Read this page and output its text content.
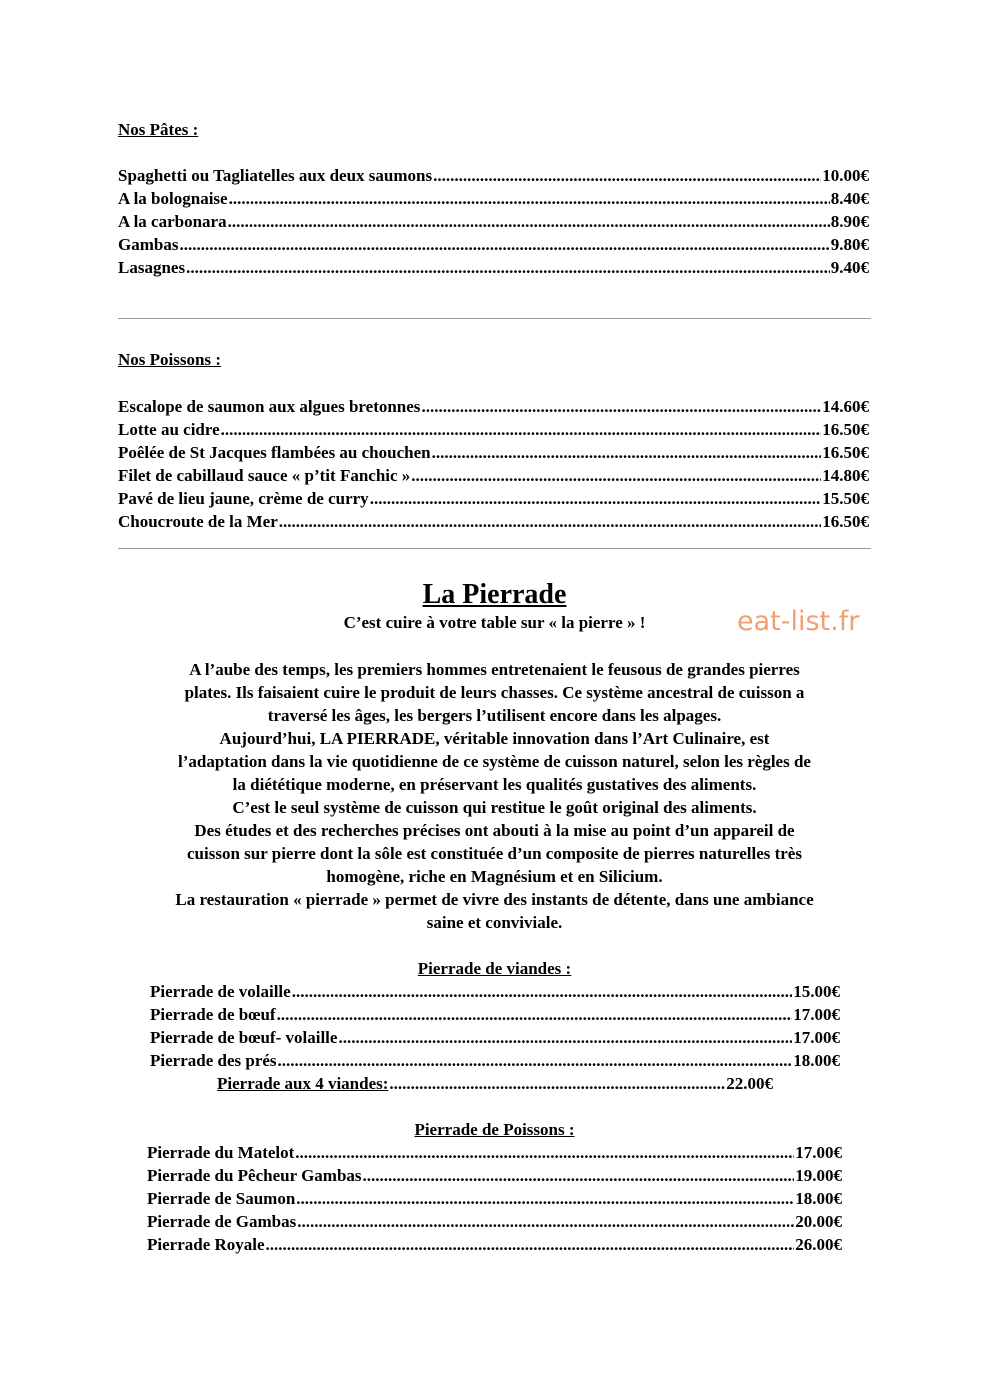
Nos Pâtes :
Spaghetti ou Tagliatelles aux deux saumons .....	10.00€
A la bolognaise .....	8.40€
A la carbonara .....	8.90€
Gambas .....	9.80€
Lasagnes .....	9.40€
Nos Poissons :
Escalope de saumon aux algues bretonnes .....	14.60€
Lotte au cidre .....	16.50€
Poêlée de St Jacques flambées au chouchen .....	16.50€
Filet de cabillaud sauce « p’tit Fanchic » .....	14.80€
Pavé de lieu jaune, crème de curry .....	15.50€
Choucroute de la Mer .....	16.50€
La Pierrade
C’est cuire à votre table sur « la pierre » !	eat-list.fr

A l’aube des temps, les premiers hommes entretenaient le feusous de grandes pierres

plates. Ils faisaient cuire le produit de leurs chasses. Ce système ancestral de cuisson a

traversé les âges, les bergers l’utilisent encore dans les alpages.

Aujourd’hui, LA PIERRADE, véritable innovation dans l’Art Culinaire, est

l’adaptation dans la vie quotidienne de ce système de cuisson naturel, selon les règles de

la diététique moderne, en préservant les qualités gustatives des aliments.

C’est le seul système de cuisson qui restitue le goût original des aliments.

Des études et des recherches précises ont abouti à la mise au point d’un appareil de

cuisson sur pierre dont la sôle est constituée d’un composite de pierres naturelles très

homogène, riche en Magnésium et en Silicium.

La restauration « pierrade » permet de vivre des instants de détente, dans une ambiance

saine et conviviale.

Pierrade de viandes :
Pierrade de volaille .....	15.00€
Pierrade de bœuf .....	17.00€
Pierrade de bœuf- volaille .....	17.00€
Pierrade des prés .....	18.00€
Pierrade aux 4 viandes: .....	22.00€
Pierrade de Poissons :
Pierrade du Matelot .....	17.00€
Pierrade du Pêcheur Gambas .....	19.00€
Pierrade de Saumon .....	18.00€
Pierrade de Gambas .....	20.00€
Pierrade Royale .....	26.00€
